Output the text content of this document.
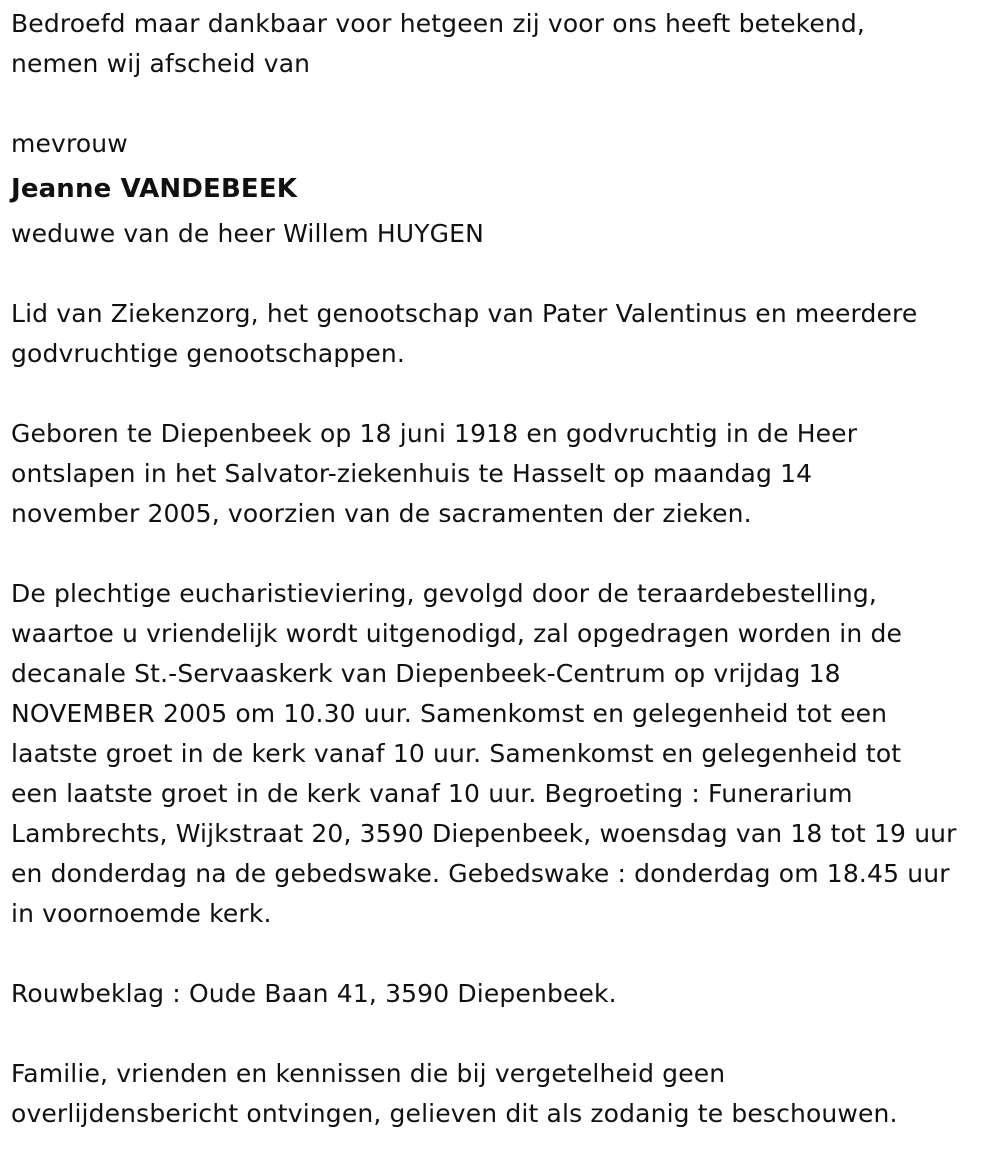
Bedroefd maar dankbaar voor hetgeen zij voor ons heeft betekend,
nemen wij afscheid van
mevrouw
Jeanne VANDEBEEK
weduwe van de heer Willem HUYGEN
Lid van Ziekenzorg, het genootschap van Pater Valentinus en meerdere
godvruchtige genootschappen.
Geboren te Diepenbeek op 18 juni 1918 en godvruchtig in de Heer
ontslapen in het Salvator-ziekenhuis te Hasselt op maandag 14
november 2005, voorzien van de sacramenten der zieken.
De plechtige eucharistieviering, gevolgd door de teraardebestelling,
waartoe u vriendelijk wordt uitgenodigd, zal opgedragen worden in de
decanale St.-Servaaskerk van Diepenbeek-Centrum op vrijdag 18
NOVEMBER 2005 om 10.30 uur. Samenkomst en gelegenheid tot een
laatste groet in de kerk vanaf 10 uur. Samenkomst en gelegenheid tot
een laatste groet in de kerk vanaf 10 uur. Begroeting : Funerarium
Lambrechts, Wijkstraat 20, 3590 Diepenbeek, woensdag van 18 tot 19 uur
en donderdag na de gebedswake. Gebedswake : donderdag om 18.45 uur
in voornoemde kerk.
Rouwbeklag : Oude Baan 41, 3590 Diepenbeek.
Familie, vrienden en kennissen die bij vergetelheid geen
overlijdensbericht ontvingen, gelieven dit als zodanig te beschouwen.
